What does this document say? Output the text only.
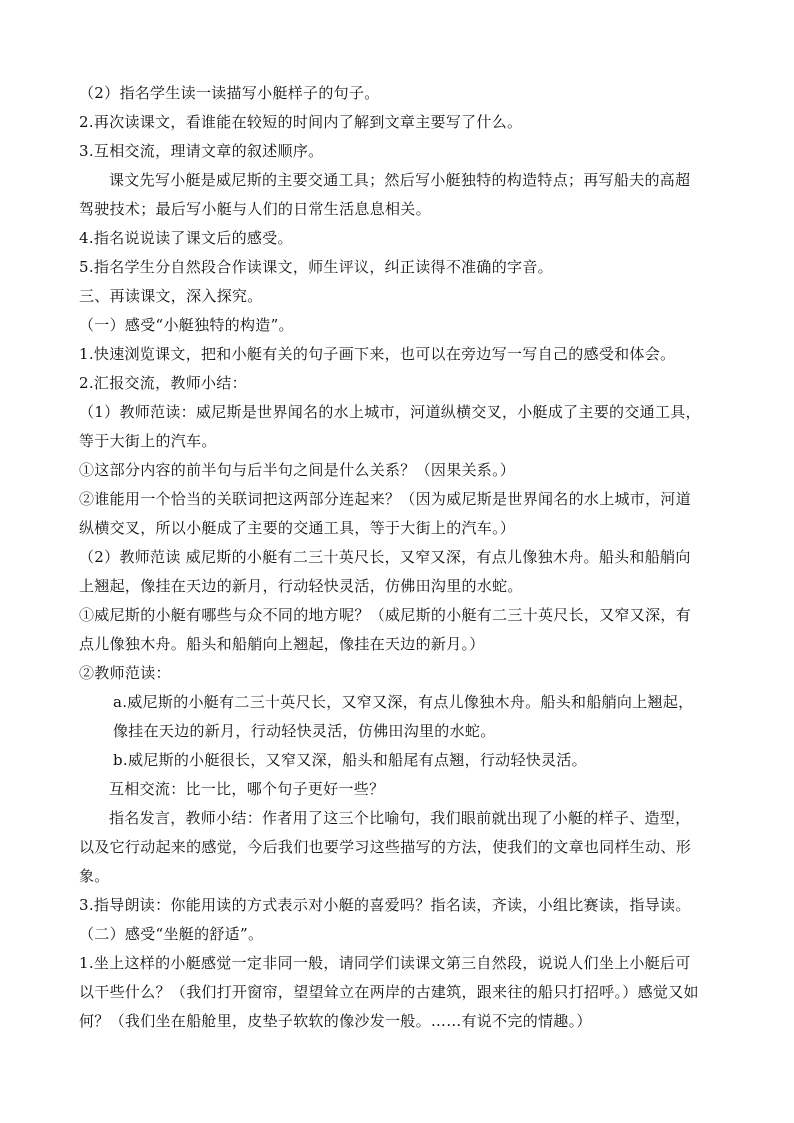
（2）指名学生读一读描写小艇样子的句子。
2.再次读课文，看谁能在较短的时间内了解到文章主要写了什么。
3.互相交流，理请文章的叙述顺序。
课文先写小艇是威尼斯的主要交通工具；然后写小艇独特的构造特点；再写船夫的高超
驾驶技术；最后写小艇与人们的日常生活息息相关。
4.指名说说读了课文后的感受。
5.指名学生分自然段合作读课文，师生评议，纠正读得不准确的字音。
三、再读课文，深入探究。
（一）感受“小艇独特的构造”。
1.快速浏览课文，把和小艇有关的句子画下来，也可以在旁边写一写自己的感受和体会。
2.汇报交流，教师小结：
（1）教师范读：威尼斯是世界闻名的水上城市，河道纵横交叉，小艇成了主要的交通工具，
等于大街上的汽车。
①这部分内容的前半句与后半句之间是什么关系？（因果关系。）
②谁能用一个恰当的关联词把这两部分连起来？（因为威尼斯是世界闻名的水上城市，河道
纵横交叉，所以小艇成了主要的交通工具，等于大街上的汽车。）
（2）教师范读 威尼斯的小艇有二三十英尺长，又窄又深，有点儿像独木舟。船头和船艄向
上翘起，像挂在天边的新月，行动轻快灵活，仿佛田沟里的水蛇。
①威尼斯的小艇有哪些与众不同的地方呢？（威尼斯的小艇有二三十英尺长，又窄又深，有
点儿像独木舟。船头和船艄向上翘起，像挂在天边的新月。）
②教师范读：
a.威尼斯的小艇有二三十英尺长，又窄又深，有点儿像独木舟。船头和船艄向上翘起，
像挂在天边的新月，行动轻快灵活，仿佛田沟里的水蛇。
b.威尼斯的小艇很长，又窄又深，船头和船尾有点翘，行动轻快灵活。
互相交流：比一比，哪个句子更好一些？
指名发言，教师小结：作者用了这三个比喻句，我们眼前就出现了小艇的样子、造型，
以及它行动起来的感觉，今后我们也要学习这些描写的方法，使我们的文章也同样生动、形
象。
3.指导朗读：你能用读的方式表示对小艇的喜爱吗？指名读，齐读，小组比赛读，指导读。
（二）感受“坐艇的舒适”。
1.坐上这样的小艇感觉一定非同一般，请同学们读课文第三自然段，说说人们坐上小艇后可
以干些什么？（我们打开窗帘，望望耸立在两岸的古建筑，跟来往的船只打招呼。）感觉又如
何？（我们坐在船舱里，皮垫子软软的像沙发一般。……有说不完的情趣。）
